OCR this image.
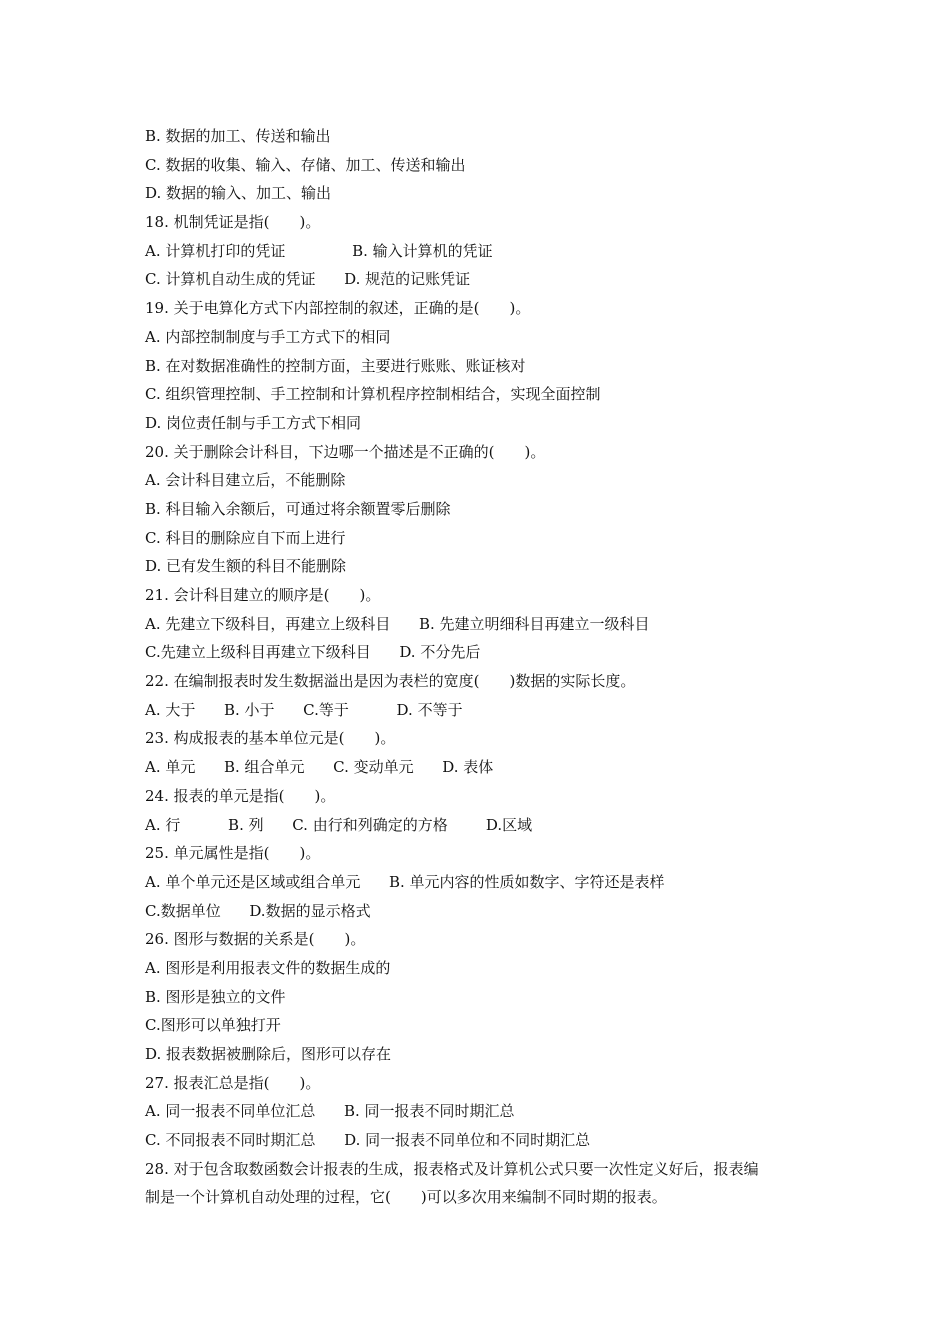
B. 数据的加工、传送和输出
C. 数据的收集、输入、存储、加工、传送和输出
D. 数据的输入、加工、输出
18. 机制凭证是指(　　)。
A. 计算机打印的凭证              B. 输入计算机的凭证
C. 计算机自动生成的凭证      D. 规范的记账凭证
19. 关于电算化方式下内部控制的叙述，正确的是(　　)。
A. 内部控制制度与手工方式下的相同
B. 在对数据准确性的控制方面，主要进行账账、账证核对
C. 组织管理控制、手工控制和计算机程序控制相结合，实现全面控制
D. 岗位责任制与手工方式下相同
20. 关于删除会计科目，下边哪一个描述是不正确的(　　)。
A. 会计科目建立后，不能删除
B. 科目输入余额后，可通过将余额置零后删除
C. 科目的删除应自下而上进行
D. 已有发生额的科目不能删除
21. 会计科目建立的顺序是(　　)。
A. 先建立下级科目，再建立上级科目      B. 先建立明细科目再建立一级科目
C.先建立上级科目再建立下级科目      D. 不分先后
22. 在编制报表时发生数据溢出是因为表栏的宽度(　　)数据的实际长度。
A. 大于      B. 小于      C.等于          D. 不等于
23. 构成报表的基本单位元是(　　)。
A. 单元      B. 组合单元      C. 变动单元      D. 表体
24. 报表的单元是指(　　)。
A. 行          B. 列      C. 由行和列确定的方格        D.区域
25. 单元属性是指(　　)。
A. 单个单元还是区域或组合单元      B. 单元内容的性质如数字、字符还是表样
C.数据单位      D.数据的显示格式
26. 图形与数据的关系是(　　)。
A. 图形是利用报表文件的数据生成的
B. 图形是独立的文件
C.图形可以单独打开
D. 报表数据被删除后，图形可以存在
27. 报表汇总是指(　　)。
A. 同一报表不同单位汇总      B. 同一报表不同时期汇总
C. 不同报表不同时期汇总      D. 同一报表不同单位和不同时期汇总
28. 对于包含取数函数会计报表的生成，报表格式及计算机公式只要一次性定义好后，报表编
制是一个计算机自动处理的过程，它(　　)可以多次用来编制不同时期的报表。
